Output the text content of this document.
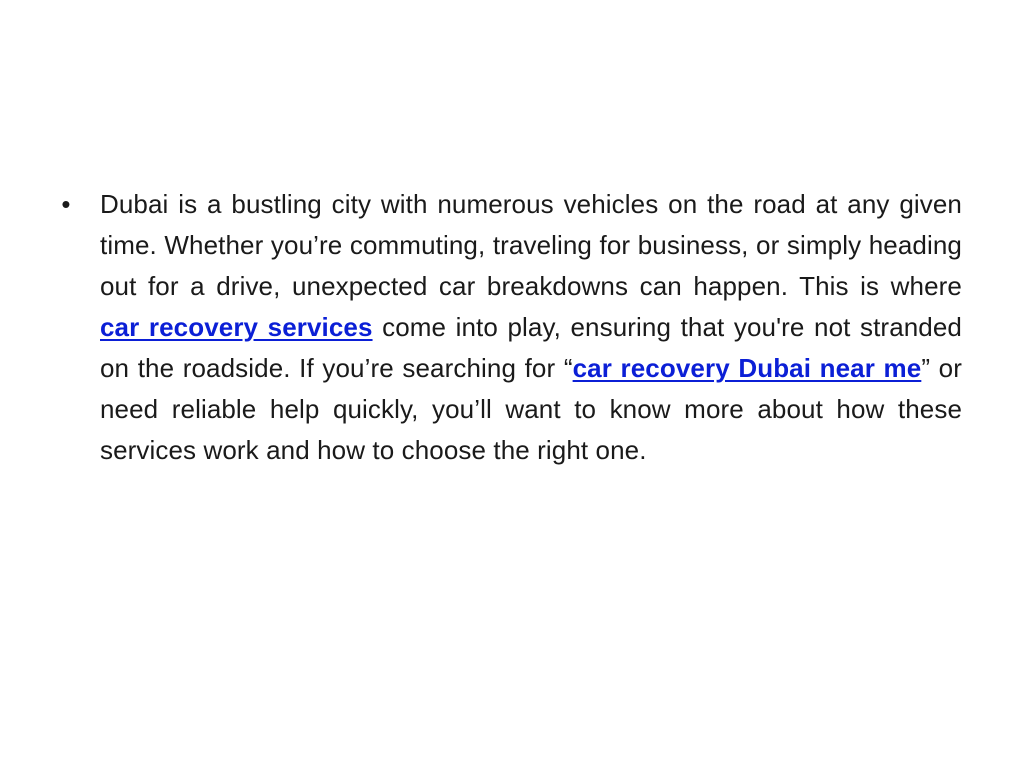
• Dubai is a bustling city with numerous vehicles on the road at any given time. Whether you’re commuting, traveling for business, or simply heading out for a drive, unexpected car breakdowns can happen. This is where car recovery services come into play, ensuring that you're not stranded on the roadside. If you’re searching for “car recovery Dubai near me” or need reliable help quickly, you’ll want to know more about how these services work and how to choose the right one.
